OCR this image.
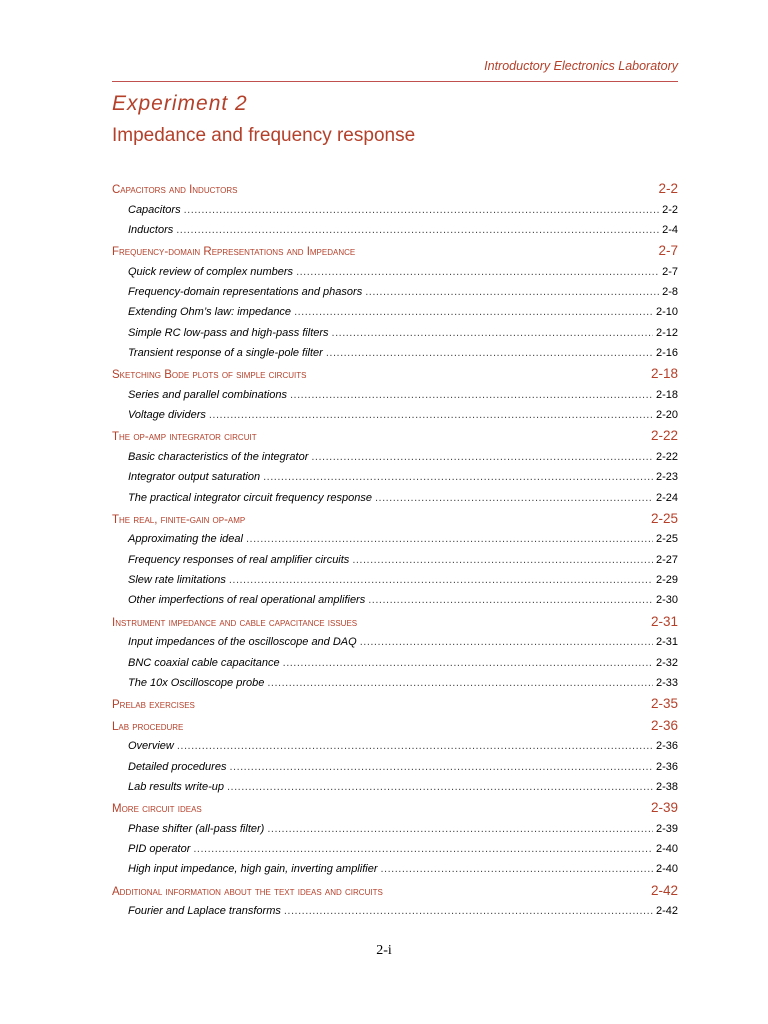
Introductory Electronics Laboratory
Experiment 2
Impedance and frequency response
Capacitors and Inductors	2-2
Capacitors .....	2-2
Inductors .....	2-4
Frequency-domain Representations and Impedance	2-7
Quick review of complex numbers .....	2-7
Frequency-domain representations and phasors .....	2-8
Extending Ohm’s law: impedance .....	2-10
Simple RC low-pass and high-pass filters .....	2-12
Transient response of a single-pole filter .....	2-16
Sketching Bode plots of simple circuits	2-18
Series and parallel combinations .....	2-18
Voltage dividers .....	2-20
The op-amp integrator circuit	2-22
Basic characteristics of the integrator .....	2-22
Integrator output saturation .....	2-23
The practical integrator circuit frequency response .....	2-24
The real, finite-gain op-amp	2-25
Approximating the ideal .....	2-25
Frequency responses of real amplifier circuits .....	2-27
Slew rate limitations .....	2-29
Other imperfections of real operational amplifiers .....	2-30
Instrument impedance and cable capacitance issues	2-31
Input impedances of the oscilloscope and DAQ .....	2-31
BNC coaxial cable capacitance .....	2-32
The 10x Oscilloscope probe .....	2-33
Prelab exercises	2-35
Lab procedure	2-36
Overview .....	2-36
Detailed procedures .....	2-36
Lab results write-up .....	2-38
More circuit ideas	2-39
Phase shifter (all-pass filter) .....	2-39
PID operator .....	2-40
High input impedance, high gain, inverting amplifier .....	2-40
Additional information about the text ideas and circuits	2-42
Fourier and Laplace transforms .....	2-42
2-i
